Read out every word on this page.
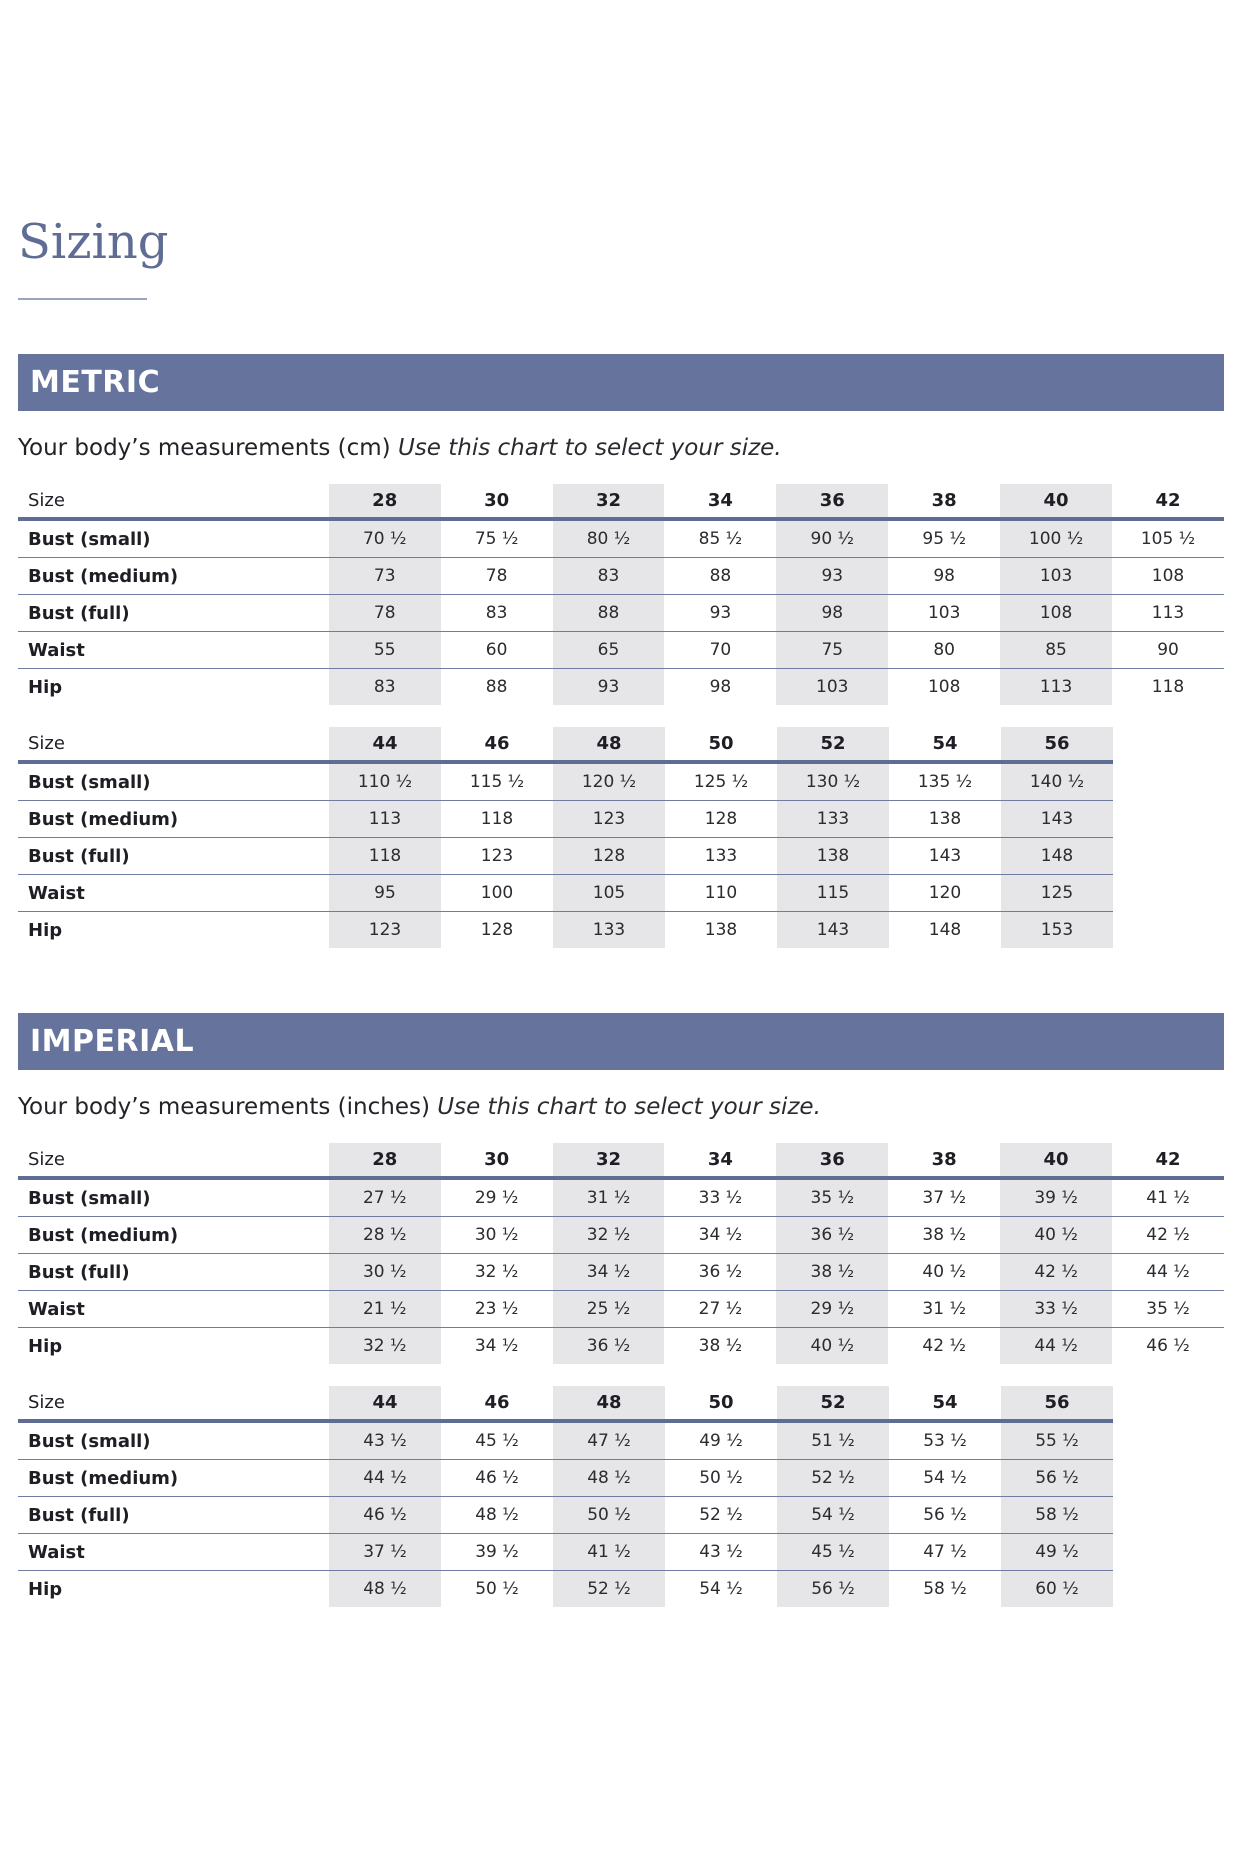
Sizing
METRIC
Your body’s measurements (cm) Use this chart to select your size.
Size	28	30	32	34	36	38	40	42
Bust (small)	70 ½	75 ½	80 ½	85 ½	90 ½	95 ½	100 ½	105 ½
Bust (medium)	73	78	83	88	93	98	103	108
Bust (full)	78	83	88	93	98	103	108	113
Waist	55	60	65	70	75	80	85	90
Hip	83	88	93	98	103	108	113	118
Size	44	46	48	50	52	54	56
Bust (small)	110 ½	115 ½	120 ½	125 ½	130 ½	135 ½	140 ½
Bust (medium)	113	118	123	128	133	138	143
Bust (full)	118	123	128	133	138	143	148
Waist	95	100	105	110	115	120	125
Hip	123	128	133	138	143	148	153
IMPERIAL
Your body’s measurements (inches) Use this chart to select your size.
Size	28	30	32	34	36	38	40	42
Bust (small)	27 ½	29 ½	31 ½	33 ½	35 ½	37 ½	39 ½	41 ½
Bust (medium)	28 ½	30 ½	32 ½	34 ½	36 ½	38 ½	40 ½	42 ½
Bust (full)	30 ½	32 ½	34 ½	36 ½	38 ½	40 ½	42 ½	44 ½
Waist	21 ½	23 ½	25 ½	27 ½	29 ½	31 ½	33 ½	35 ½
Hip	32 ½	34 ½	36 ½	38 ½	40 ½	42 ½	44 ½	46 ½
Size	44	46	48	50	52	54	56
Bust (small)	43 ½	45 ½	47 ½	49 ½	51 ½	53 ½	55 ½
Bust (medium)	44 ½	46 ½	48 ½	50 ½	52 ½	54 ½	56 ½
Bust (full)	46 ½	48 ½	50 ½	52 ½	54 ½	56 ½	58 ½
Waist	37 ½	39 ½	41 ½	43 ½	45 ½	47 ½	49 ½
Hip	48 ½	50 ½	52 ½	54 ½	56 ½	58 ½	60 ½
